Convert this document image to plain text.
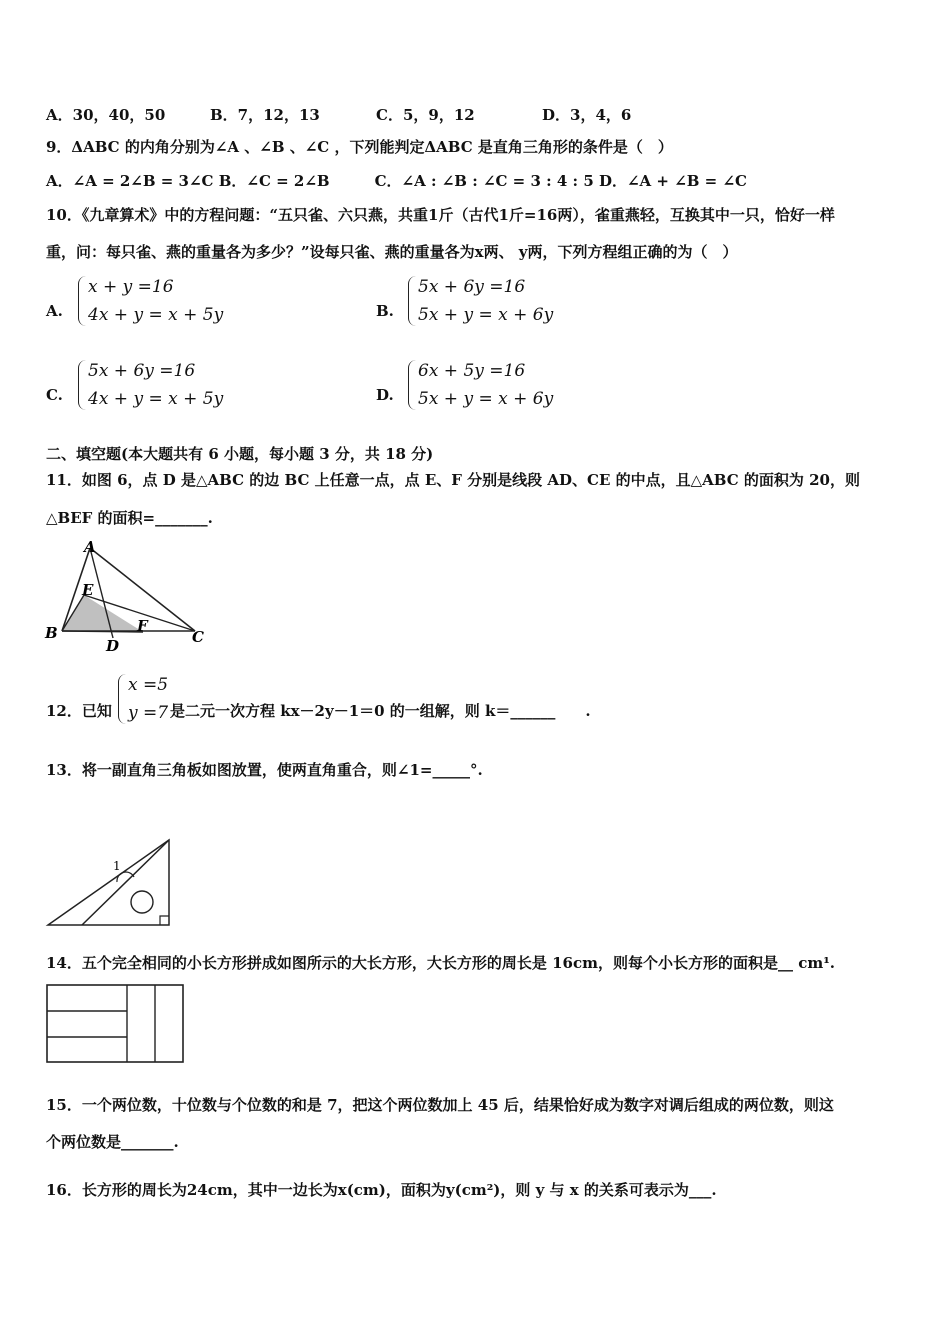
A．30，40，50	B．7，12，13	C．5，9，12	D．3，4，6
9．ΔABC 的内角分别为∠A 、∠B 、∠C ，下列能判定ΔABC 是直角三角形的条件是（　）
A．∠A = 2∠B = 3∠C B．∠C = 2∠B　　　C．∠A : ∠B : ∠C = 3 : 4 : 5 D．∠A + ∠B = ∠C
10．《九章算术》中的方程问题：“五只雀、六只燕，共重1斤（古代1斤=16两），雀重燕轻，互换其中一只，恰好一样
重，问：每只雀、燕的重量各为多少？”设每只雀、燕的重量各为x两、 y两，下列方程组正确的为（　）
A.
x + y =16
4x + y = x + 5y	B.
5x + 6y =16
5x + y = x + 6y
C.
5x + 6y =16
4x + y = x + 5y	D.
6x + 5y =16
5x + y = x + 6y
二、填空题(本大题共有 6 小题，每小题 3 分，共 18 分)
11．如图 6，点 D 是△ABC 的边 BC 上任意一点，点 E、F 分别是线段 AD、CE 的中点，且△ABC 的面积为 20，则
△BEF 的面积=_______.
A
B	C
D
E
F
12．已知
x =5
y =7 是二元一次方程 kx－2y－1＝0 的一组解，则 k＝______　　.
13．将一副直角三角板如图放置，使两直角重合，则∠1=_____°.
1
14．五个完全相同的小长方形拼成如图所示的大长方形，大长方形的周长是 16cm，则每个小长方形的面积是__ cm¹.
15．一个两位数，十位数与个位数的和是 7，把这个两位数加上 45 后，结果恰好成为数字对调后组成的两位数，则这
个两位数是_______.
16．长方形的周长为24cm，其中一边长为x(cm)，面积为y(cm²)，则 y 与 x 的关系可表示为___.
